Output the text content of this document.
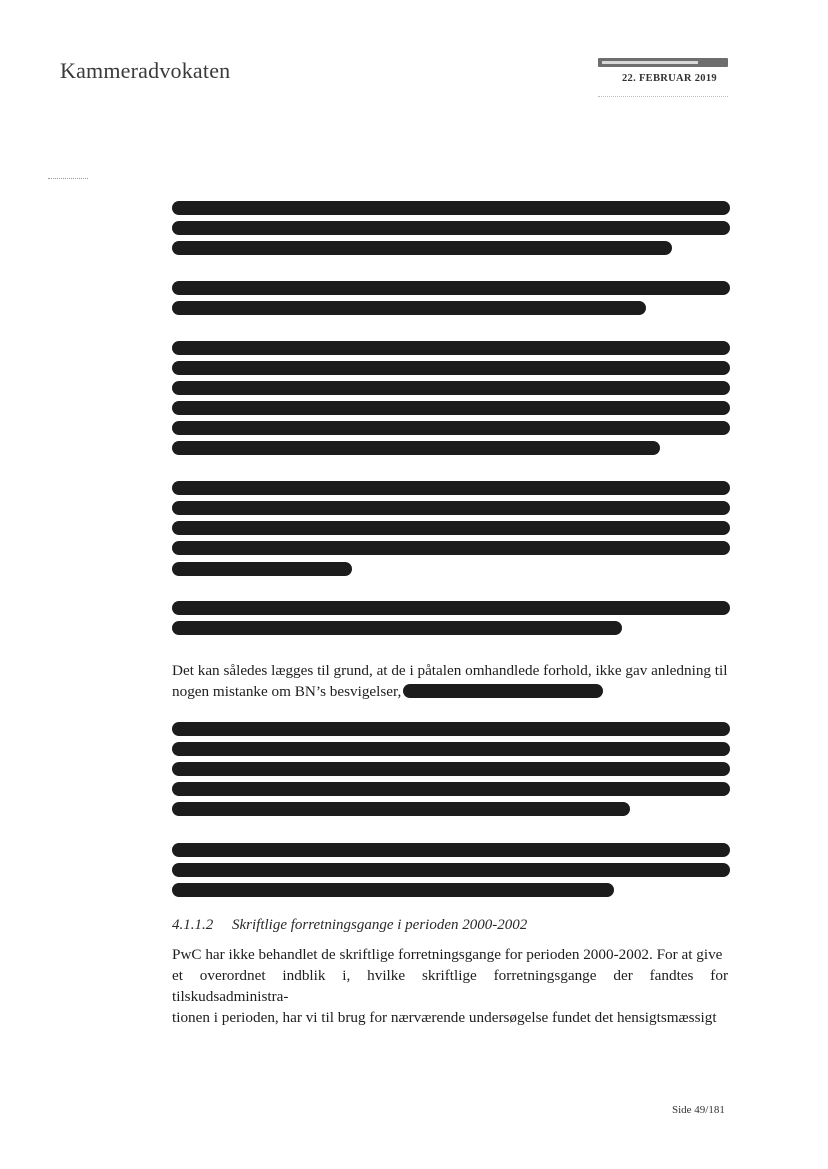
Kammeradvokaten	22. FEBRUAR 2019
Det kan således lægges til grund, at de i påtalen omhandlede forhold, ikke gav anledning til
nogen mistanke om BN’s besvigelser,
4.1.1.2 Skriftlige forretningsgange i perioden 2000-2002
PwC har ikke behandlet de skriftlige forretningsgange for perioden 2000-2002. For at give
et overordnet indblik i, hvilke skriftlige forretningsgange der fandtes for tilskudsadministra-
tionen i perioden, har vi til brug for nærværende undersøgelse fundet det hensigtsmæssigt
Side 49/181
